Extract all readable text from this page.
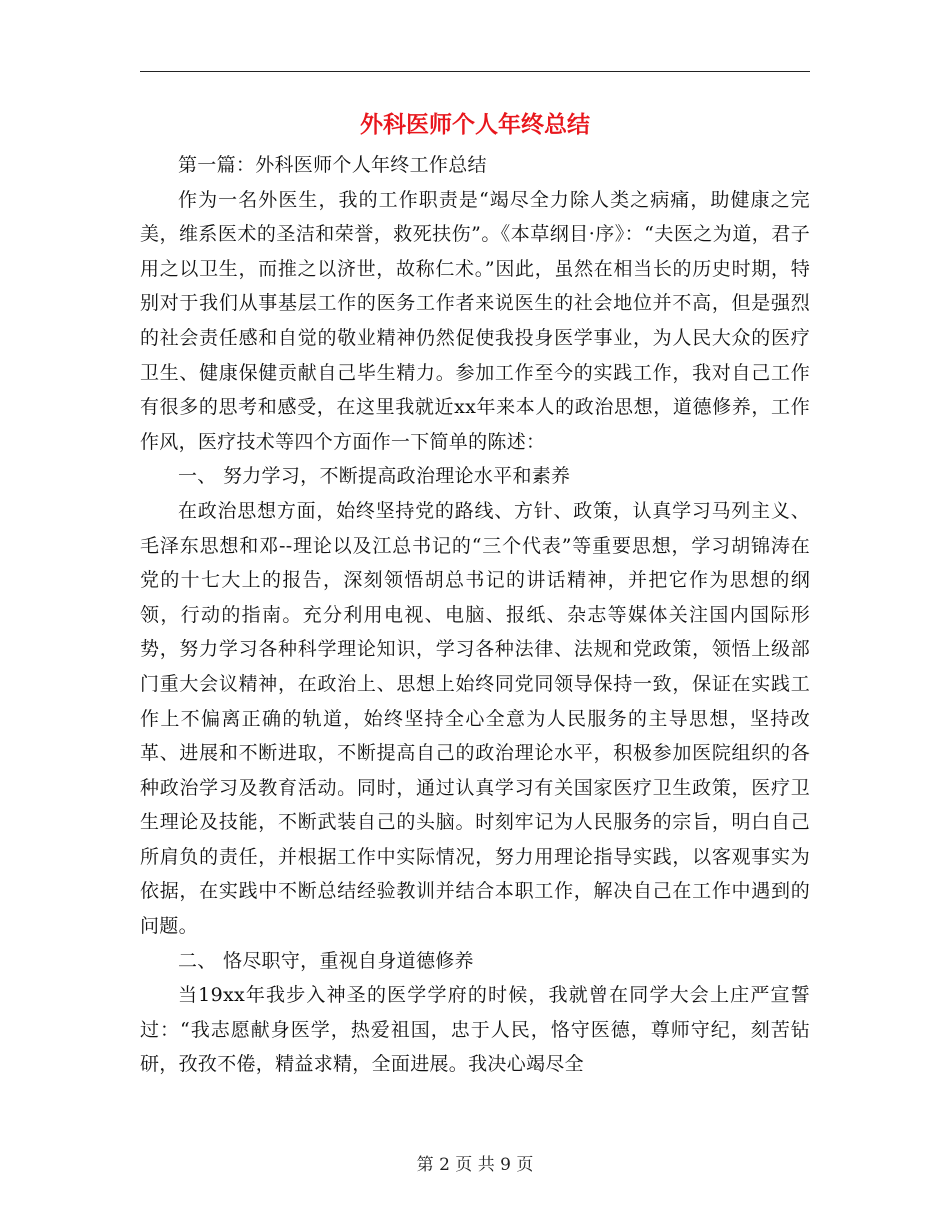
外科医师个人年终总结

第一篇：外科医师个人年终工作总结

作为一名外医生，我的工作职责是“竭尽全力除人类之病痛，助健康之完美，维系医术的圣洁和荣誉，救死扶伤”。《本草纲目·序》：“夫医之为道，君子用之以卫生，而推之以济世，故称仁术。”因此，虽然在相当长的历史时期，特别对于我们从事基层工作的医务工作者来说医生的社会地位并不高，但是强烈的社会责任感和自觉的敬业精神仍然促使我投身医学事业，为人民大众的医疗卫生、健康保健贡献自己毕生精力。参加工作至今的实践工作，我对自己工作有很多的思考和感受，在这里我就近xx年来本人的政治思想，道德修养，工作作风，医疗技术等四个方面作一下简单的陈述：

一、 努力学习，不断提高政治理论水平和素养

在政治思想方面，始终坚持党的路线、方针、政策，认真学习马列主义、毛泽东思想和邓--理论以及江总书记的“三个代表”等重要思想，学习胡锦涛在党的十七大上的报告，深刻领悟胡总书记的讲话精神，并把它作为思想的纲领，行动的指南。充分利用电视、电脑、报纸、杂志等媒体关注国内国际形势，努力学习各种科学理论知识，学习各种法律、法规和党政策，领悟上级部门重大会议精神，在政治上、思想上始终同党同领导保持一致，保证在实践工作上不偏离正确的轨道，始终坚持全心全意为人民服务的主导思想，坚持改革、进展和不断进取，不断提高自己的政治理论水平，积极参加医院组织的各种政治学习及教育活动。同时，通过认真学习有关国家医疗卫生政策，医疗卫生理论及技能，不断武装自己的头脑。时刻牢记为人民服务的宗旨，明白自己所肩负的责任，并根据工作中实际情况，努力用理论指导实践，以客观事实为依据，在实践中不断总结经验教训并结合本职工作，解决自己在工作中遇到的问题。

二、 恪尽职守，重视自身道德修养

当19xx年我步入神圣的医学学府的时候，我就曾在同学大会上庄严宣誓过：“我志愿献身医学，热爱祖国，忠于人民，恪守医德，尊师守纪，刻苦钻研，孜孜不倦，精益求精，全面进展。我决心竭尽全

第 2 页 共 9 页
